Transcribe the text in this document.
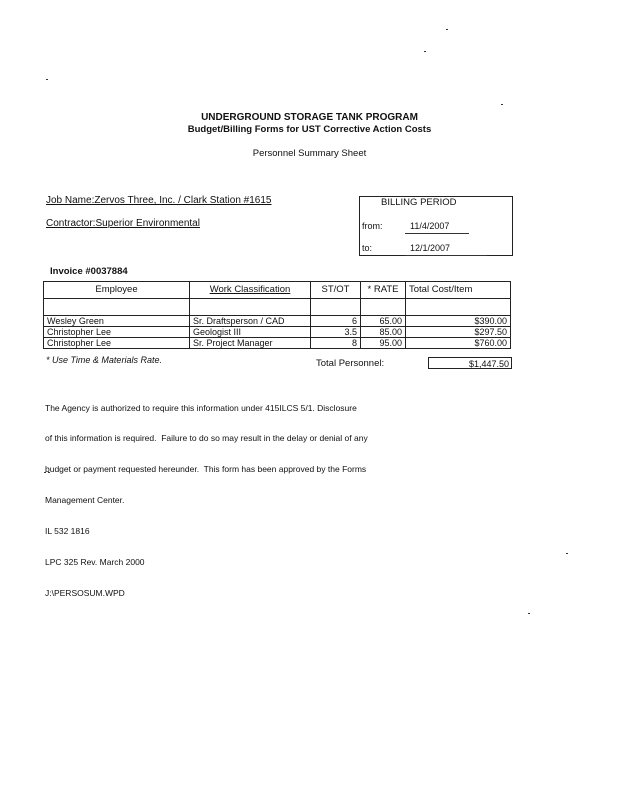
UNDERGROUND STORAGE TANK PROGRAM
Budget/Billing Forms for UST Corrective Action Costs
Personnel Summary Sheet
Job Name:Zervos Three, Inc. / Clark Station #1615
Contractor:Superior Environmental
BILLING PERIOD
from:	11/4/2007
to:	12/1/2007
Invoice #0037884
Employee	Work Classification	ST/OT	* RATE	Total Cost/Item

Wesley Green	Sr. Draftsperson / CAD	6	65.00	$390.00
Christopher Lee	Geologist III	3.5	85.00	$297.50
Christopher Lee	Sr. Project Manager	8	95.00	$760.00
* Use Time & Materials Rate.	Total Personnel:	$1,447.50

The Agency is authorized to require this information under 415ILCS 5/1. Disclosure

of this information is required.  Failure to do so may result in the delay or denial of any

budget or payment requested hereunder.  This form has been approved by the Forms

Management Center.

IL 532 1816

LPC 325 Rev. March 2000

J:\PERSOSUM.WPD
